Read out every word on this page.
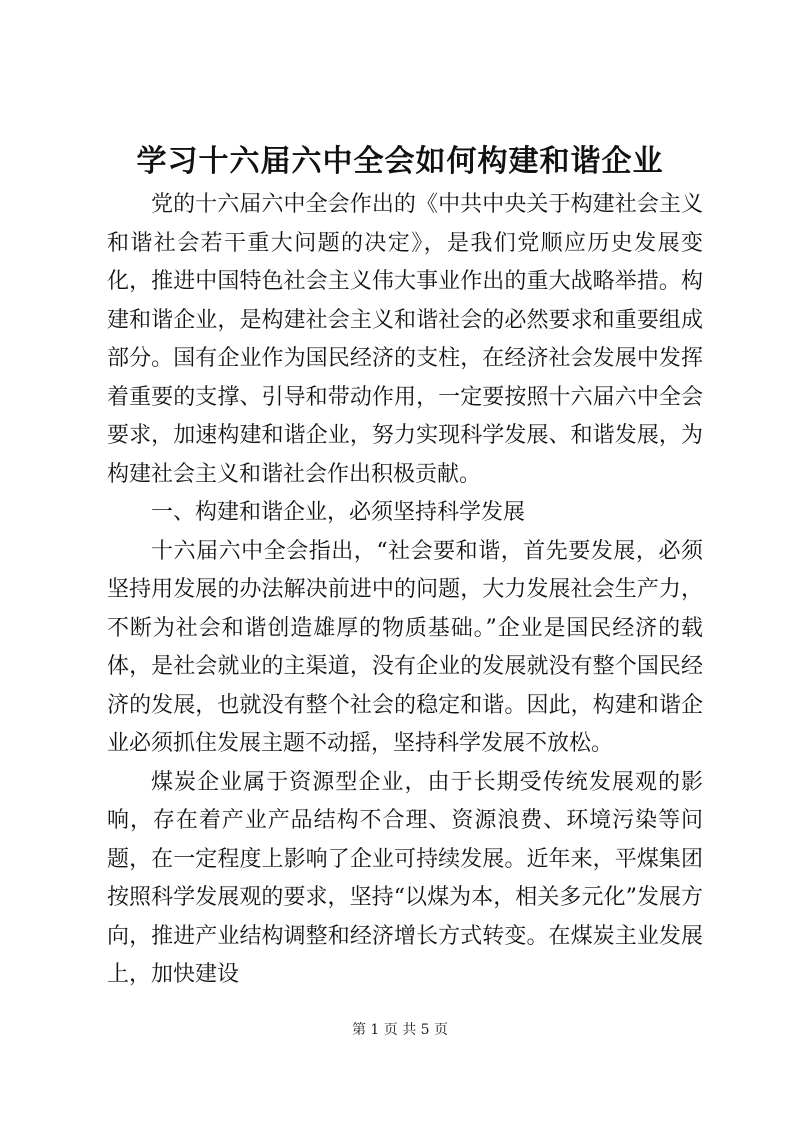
学习十六届六中全会如何构建和谐企业

党的十六届六中全会作出的《中共中央关于构建社会主义和谐社会若干重大问题的决定》，是我们党顺应历史发展变化，推进中国特色社会主义伟大事业作出的重大战略举措。构建和谐企业，是构建社会主义和谐社会的必然要求和重要组成部分。国有企业作为国民经济的支柱，在经济社会发展中发挥着重要的支撑、引导和带动作用，一定要按照十六届六中全会要求，加速构建和谐企业，努力实现科学发展、和谐发展，为构建社会主义和谐社会作出积极贡献。

一、构建和谐企业，必须坚持科学发展

十六届六中全会指出，“社会要和谐，首先要发展，必须坚持用发展的办法解决前进中的问题，大力发展社会生产力，不断为社会和谐创造雄厚的物质基础。”企业是国民经济的载体，是社会就业的主渠道，没有企业的发展就没有整个国民经济的发展，也就没有整个社会的稳定和谐。因此，构建和谐企业必须抓住发展主题不动摇，坚持科学发展不放松。

煤炭企业属于资源型企业，由于长期受传统发展观的影响，存在着产业产品结构不合理、资源浪费、环境污染等问题，在一定程度上影响了企业可持续发展。近年来，平煤集团按照科学发展观的要求，坚持“以煤为本，相关多元化”发展方向，推进产业结构调整和经济增长方式转变。在煤炭主业发展上，加快建设

第 1 页 共 5 页
